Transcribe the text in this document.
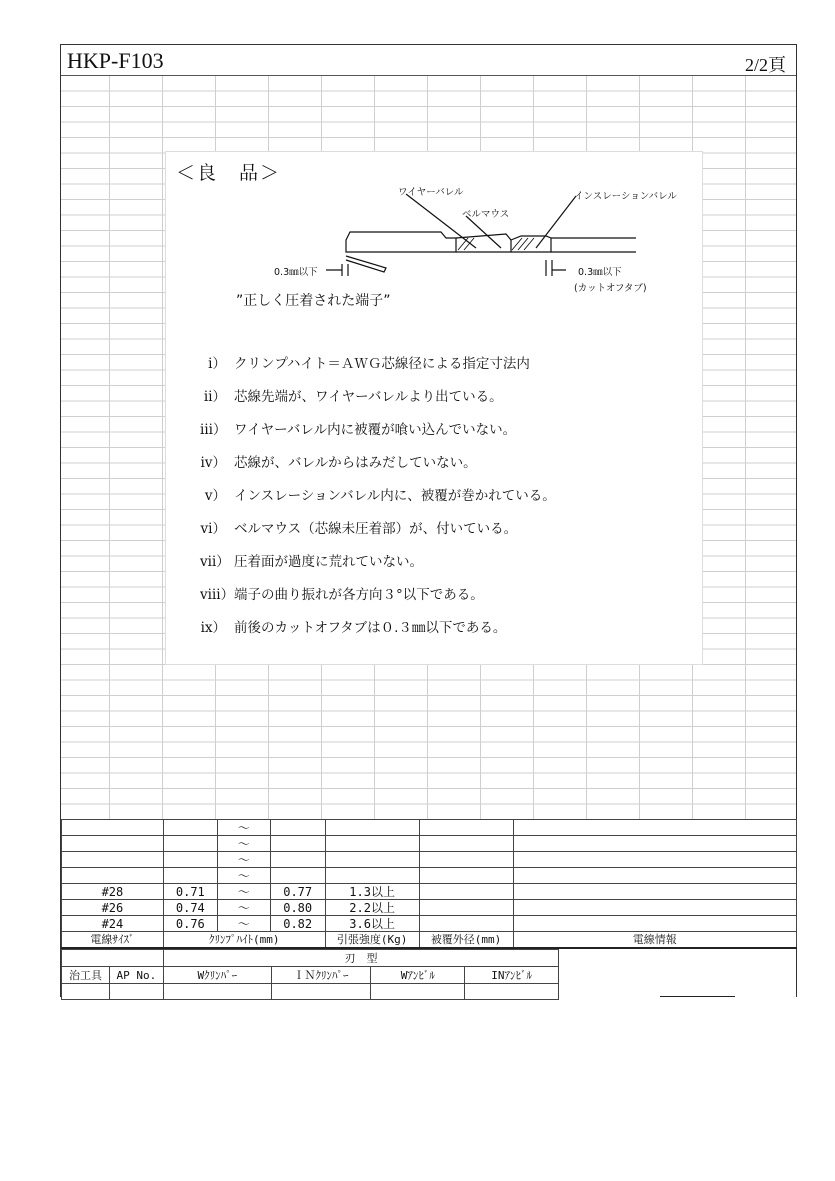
HKP-F103	2/2頁
＜良　品＞
ワイヤーバレル
ベルマウス
インスレーションバレル
0.3㎜以下	0.3㎜以下
(カットオフタブ)
”正しく圧着された端子”
ⅰ） クリンプハイト＝ＡＷＧ芯線径による指定寸法内
ⅱ） 芯線先端が、ワイヤーバレルより出ている。
ⅲ） ワイヤーバレル内に被覆が喰い込んでいない。
ⅳ） 芯線が、バレルからはみだしていない。
ⅴ） インスレーションバレル内に、被覆が巻かれている。
ⅵ） ベルマウス（芯線未圧着部）が、付いている。
ⅶ） 圧着面が過度に荒れていない。
ⅷ） 端子の曲り振れが各方向３°以下である。
ⅸ） 前後のカットオフタブは０.３㎜以下である。
		～				
		～				
		～				
		～				
#28	0.71	～	0.77	1.3以上		
#26	0.74	～	0.80	2.2以上		
#24	0.76	～	0.82	3.6以上		
電線ｻｲｽﾞ	ｸﾘﾝﾌﾟﾊｲﾄ(mm)			引張強度(Kg)	被覆外径(mm)	電線情報
		刃　型			
治工具	AP No.	Wｸﾘﾝﾊﾟｰ	ＩＮｸﾘﾝﾊﾟｰ	Wｱﾝﾋﾞﾙ	INｱﾝﾋﾞﾙ
